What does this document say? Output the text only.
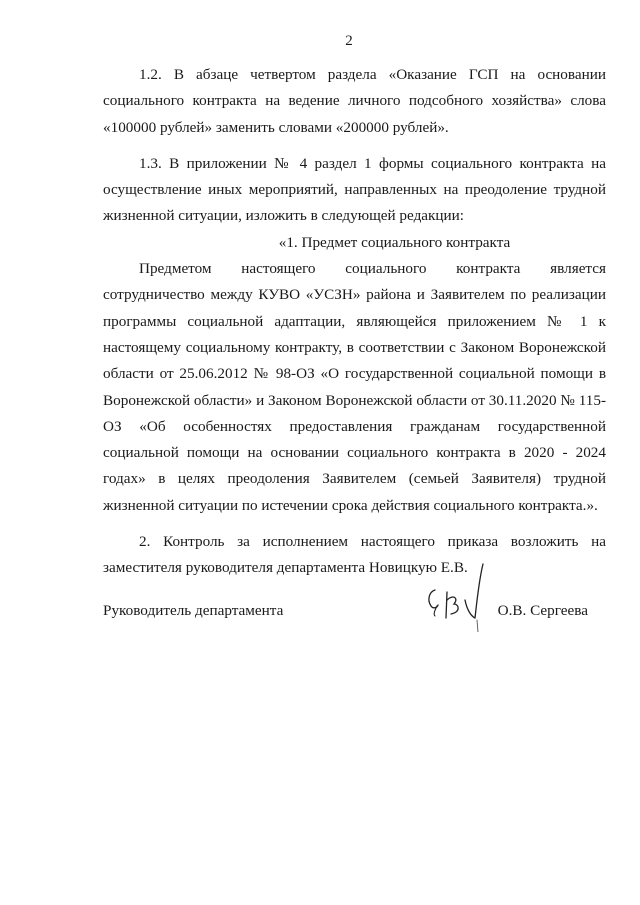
2

1.2. В абзаце четвертом раздела «Оказание ГСП на основании социального контракта на ведение личного подсобного хозяйства» слова «100000 рублей» заменить словами «200000 рублей».

1.3. В приложении № 4 раздел 1 формы социального контракта на осуществление иных мероприятий, направленных на преодоление трудной жизненной ситуации, изложить в следующей редакции:

«1. Предмет социального контракта

Предметом настоящего социального контракта является сотрудничество между КУВО «УСЗН» района и Заявителем по реализации программы социальной адаптации, являющейся приложением № 1 к настоящему социальному контракту, в соответствии с Законом Воронежской области от 25.06.2012 № 98-ОЗ «О государственной социальной помощи в Воронежской области» и Законом Воронежской области от 30.11.2020 № 115-ОЗ «Об особенностях предоставления гражданам государственной социальной помощи на основании социального контракта в 2020 - 2024 годах» в целях преодоления Заявителем (семьей Заявителя) трудной жизненной ситуации по истечении срока действия социального контракта.».

2. Контроль за исполнением настоящего приказа возложить на заместителя руководителя департамента Новицкую Е.В.

Руководитель департамента	О.В. Сергеева
